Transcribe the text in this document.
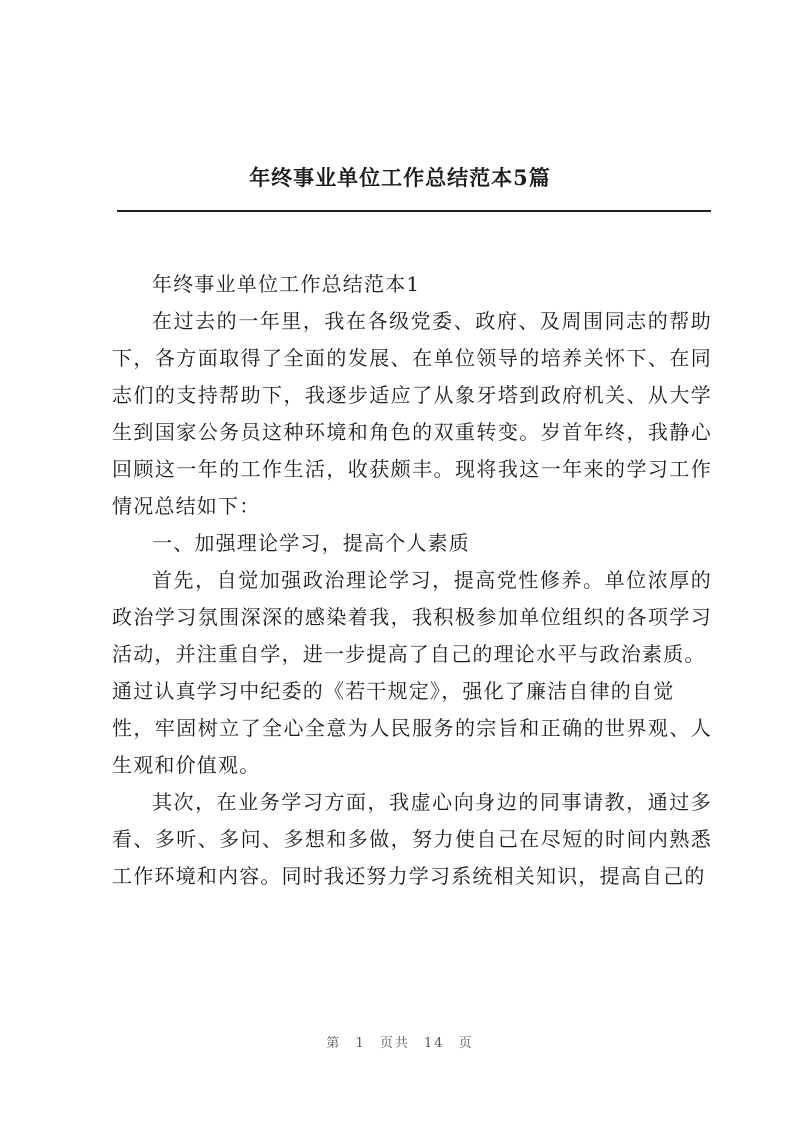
年终事业单位工作总结范本5篇

年终事业单位工作总结范本1

在过去的一年里，我在各级党委、政府、及周围同志的帮助下，各方面取得了全面的发展、在单位领导的培养关怀下、在同志们的支持帮助下，我逐步适应了从象牙塔到政府机关、从大学生到国家公务员这种环境和角色的双重转变。岁首年终，我静心回顾这一年的工作生活，收获颇丰。现将我这一年来的学习工作情况总结如下：

一、加强理论学习，提高个人素质

首先，自觉加强政治理论学习，提高党性修养。单位浓厚的政治学习氛围深深的感染着我，我积极参加单位组织的各项学习活动，并注重自学，进一步提高了自己的理论水平与政治素质。

通过认真学习中纪委的《若干规定》，强化了廉洁自律的自觉

性，牢固树立了全心全意为人民服务的宗旨和正确的世界观、人生观和价值观。

其次，在业务学习方面，我虚心向身边的同事请教，通过多看、多听、多问、多想和多做，努力使自己在尽短的时间内熟悉工作环境和内容。同时我还努力学习系统相关知识，提高自己的

第 1 页共 14 页
